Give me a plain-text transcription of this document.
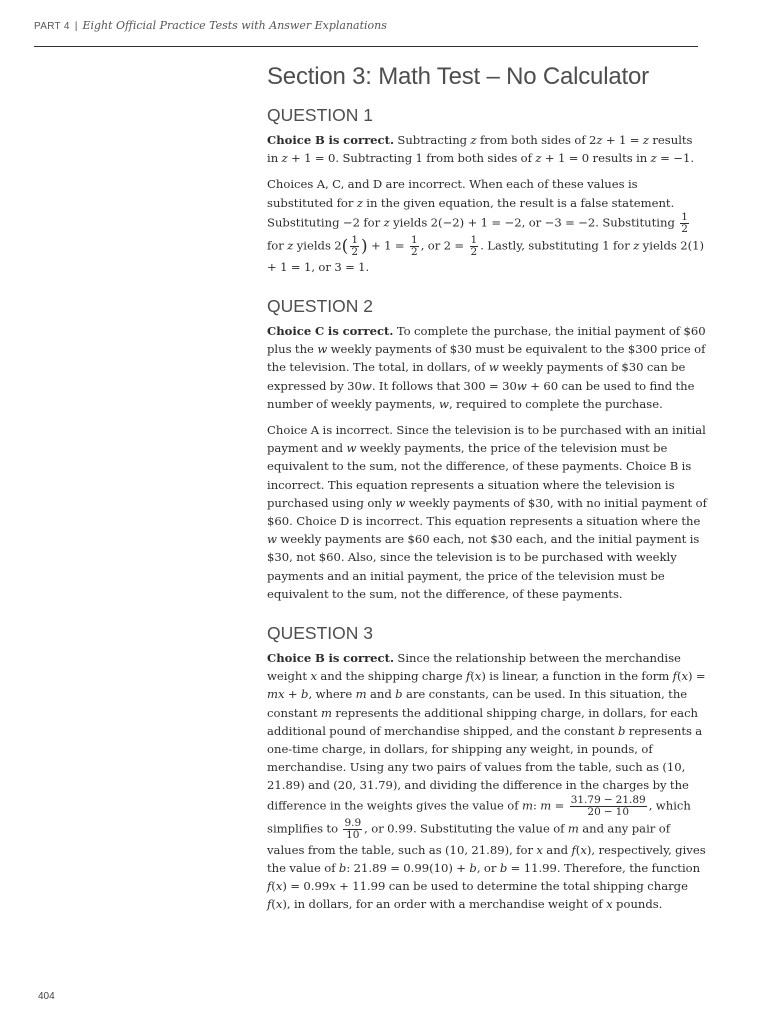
PART 4 | Eight Official Practice Tests with Answer Explanations
Section 3: Math Test – No Calculator
QUESTION 1

Choice B is correct. Subtracting z from both sides of 2z + 1 = z results in z + 1 = 0. Subtracting 1 from both sides of z + 1 = 0 results in z = −1.

Choices A, C, and D are incorrect. When each of these values is substituted for z in the given equation, the result is a false statement. Substituting −2 for z yields 2(−2) + 1 = −2, or −3 = −2. Substituting $\frac{1}{2}$
for z yields $2( \frac{1}{2}$ ) + $1 = \frac{1}{2}$ , or $2 = \frac{1}{2}$ . Lastly, substituting 1 for z yields 2(1) + 1 = 1, or 3 = 1.

QUESTION 2

Choice C is correct. To complete the purchase, the initial payment of $60 plus the w weekly payments of $30 must be equivalent to the $300 price of the television. The total, in dollars, of w weekly payments of $30 can be expressed by 30w. It follows that 300 = 30w + 60 can be used to find the number of weekly payments, w, required to complete the purchase.

Choice A is incorrect. Since the television is to be purchased with an initial payment and w weekly payments, the price of the television must be equivalent to the sum, not the difference, of these payments. Choice B is incorrect. This equation represents a situation where the television is purchased using only w weekly payments of $30, with no initial payment of $60. Choice D is incorrect. This equation represents a situation where the w weekly payments are $60 each, not $30 each, and the initial payment is $30, not $60. Also, since the television is to be purchased with weekly payments and an initial payment, the price of the television must be equivalent to the sum, not the difference, of these payments.

QUESTION 3

Choice B is correct. Since the relationship between the merchandise weight x and the shipping charge f(x) is linear, a function in the form f(x) = mx + b, where m and b are constants, can be used. In this situation, the constant m represents the additional shipping charge, in dollars, for each additional pound of merchandise shipped, and the constant b represents a one-time charge, in dollars, for shipping any weight, in pounds, of merchandise. Using any two pairs of values from the table, such as (10, 21.89) and (20, 31.79), and dividing the difference in the charges by the difference in the weights gives the value of m: $m = \frac{31.79 - 21.89}{20 - 10}$ , which simplifies to $\frac{9.9}{10}$ , or 0.99. Substituting the value of m and any pair of values from the table, such as (10, 21.89), for x and f(x), respectively, gives the value of b: 21.89 = 0.99(10) + b, or b = 11.99. Therefore, the function f(x) = 0.99x + 11.99 can be used to determine the total shipping charge f(x), in dollars, for an order with a merchandise weight of x pounds.

404
